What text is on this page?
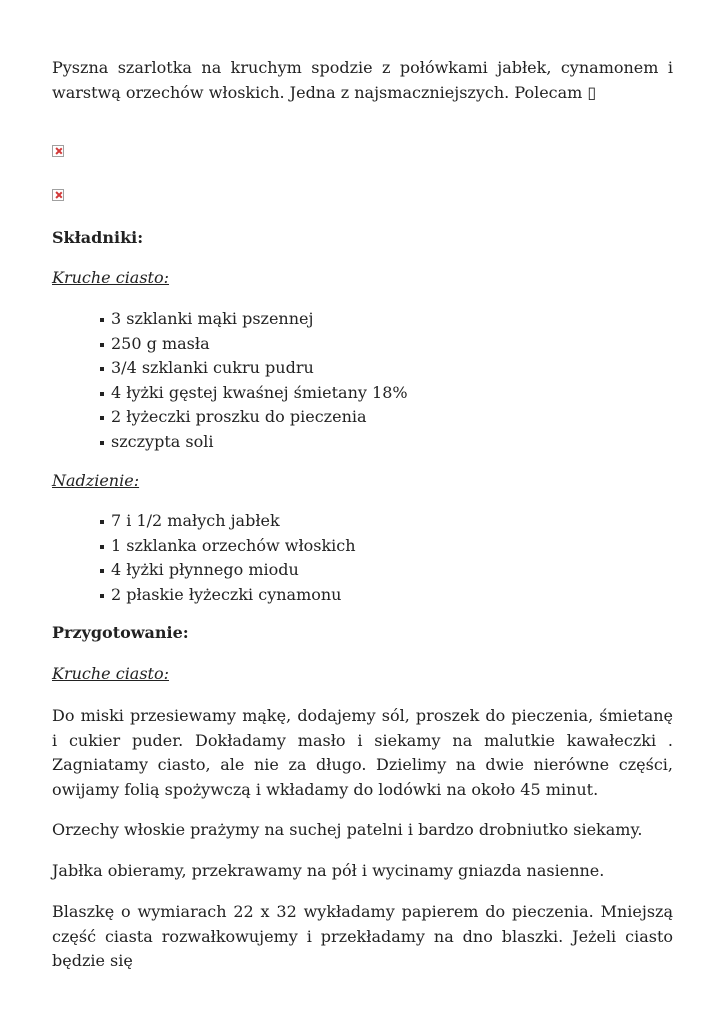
Pyszna szarlotka na kruchym spodzie z połówkami jabłek, cynamonem i warstwą orzechów włoskich. Jedna z najsmaczniejszych. Polecam ▯

Składniki:

Kruche ciasto:

3 szklanki mąki pszennej
250 g masła
3/4 szklanki cukru pudru
4 łyżki gęstej kwaśnej śmietany 18%
2 łyżeczki proszku do pieczenia
szczypta soli

Nadzienie:

7 i 1/2 małych jabłek
1 szklanka orzechów włoskich
4 łyżki płynnego miodu
2 płaskie łyżeczki cynamonu

Przygotowanie:

Kruche ciasto:

Do miski przesiewamy mąkę, dodajemy sól, proszek do pieczenia, śmietanę i cukier puder. Dokładamy masło i siekamy na malutkie kawałeczki . Zagniatamy ciasto, ale nie za długo. Dzielimy na dwie nierówne części, owijamy folią spożywczą i wkładamy do lodówki na około 45 minut.

Orzechy włoskie prażymy na suchej patelni i bardzo drobniutko siekamy.

Jabłka obieramy, przekrawamy na pół i wycinamy gniazda nasienne.

Blaszkę o wymiarach 22 x 32 wykładamy papierem do pieczenia. Mniejszą część ciasta rozwałkowujemy i przekładamy na dno blaszki. Jeżeli ciasto będzie się
